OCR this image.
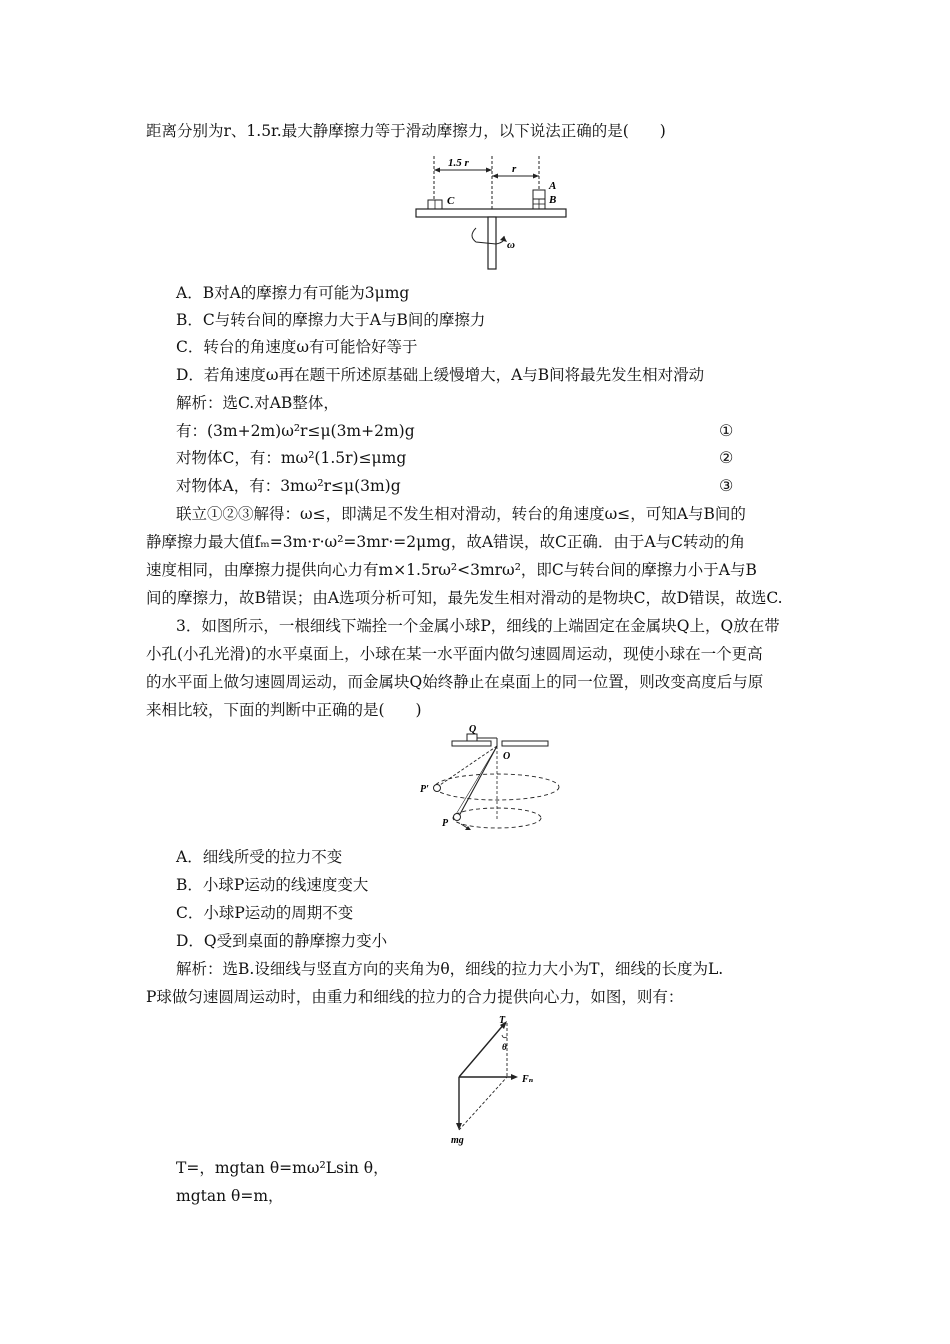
距离分别为r、1.5r.最大静摩擦力等于滑动摩擦力，以下说法正确的是(　　)
1.5 r	r
C
A
B
ω
A．B对A的摩擦力有可能为3μmg
B．C与转台间的摩擦力大于A与B间的摩擦力
C．转台的角速度ω有可能恰好等于
D．若角速度ω再在题干所述原基础上缓慢增大，A与B间将最先发生相对滑动
解析：选C.对AB整体，
有：(3m+2m)ω²r≤μ(3m+2m)g	①
对物体C，有：mω²(1.5r)≤μmg	②
对物体A，有：3mω²r≤μ(3m)g	③
联立①②③解得：ω≤，即满足不发生相对滑动，转台的角速度ω≤，可知A与B间的
静摩擦力最大值fₘ=3m·r·ω²=3mr·=2μmg，故A错误，故C正确．由于A与C转动的角
速度相同，由摩擦力提供向心力有m×1.5rω²<3mrω²，即C与转台间的摩擦力小于A与B
间的摩擦力，故B错误；由A选项分析可知，最先发生相对滑动的是物块C，故D错误，故选C.
3．如图所示，一根细线下端拴一个金属小球P，细线的上端固定在金属块Q上，Q放在带
小孔(小孔光滑)的水平桌面上，小球在某一水平面内做匀速圆周运动，现使小球在一个更高
的水平面上做匀速圆周运动，而金属块Q始终静止在桌面上的同一位置，则改变高度后与原
来相比较，下面的判断中正确的是(　　)
Q
O
P′
P
A．细线所受的拉力不变
B．小球P运动的线速度变大
C．小球P运动的周期不变
D．Q受到桌面的静摩擦力变小
解析：选B.设细线与竖直方向的夹角为θ，细线的拉力大小为T，细线的长度为L.
P球做匀速圆周运动时，由重力和细线的拉力的合力提供向心力，如图，则有：
T
θ
Fₙ
mg
T=，mgtan θ=mω²Lsin θ，
mgtan θ=m，
